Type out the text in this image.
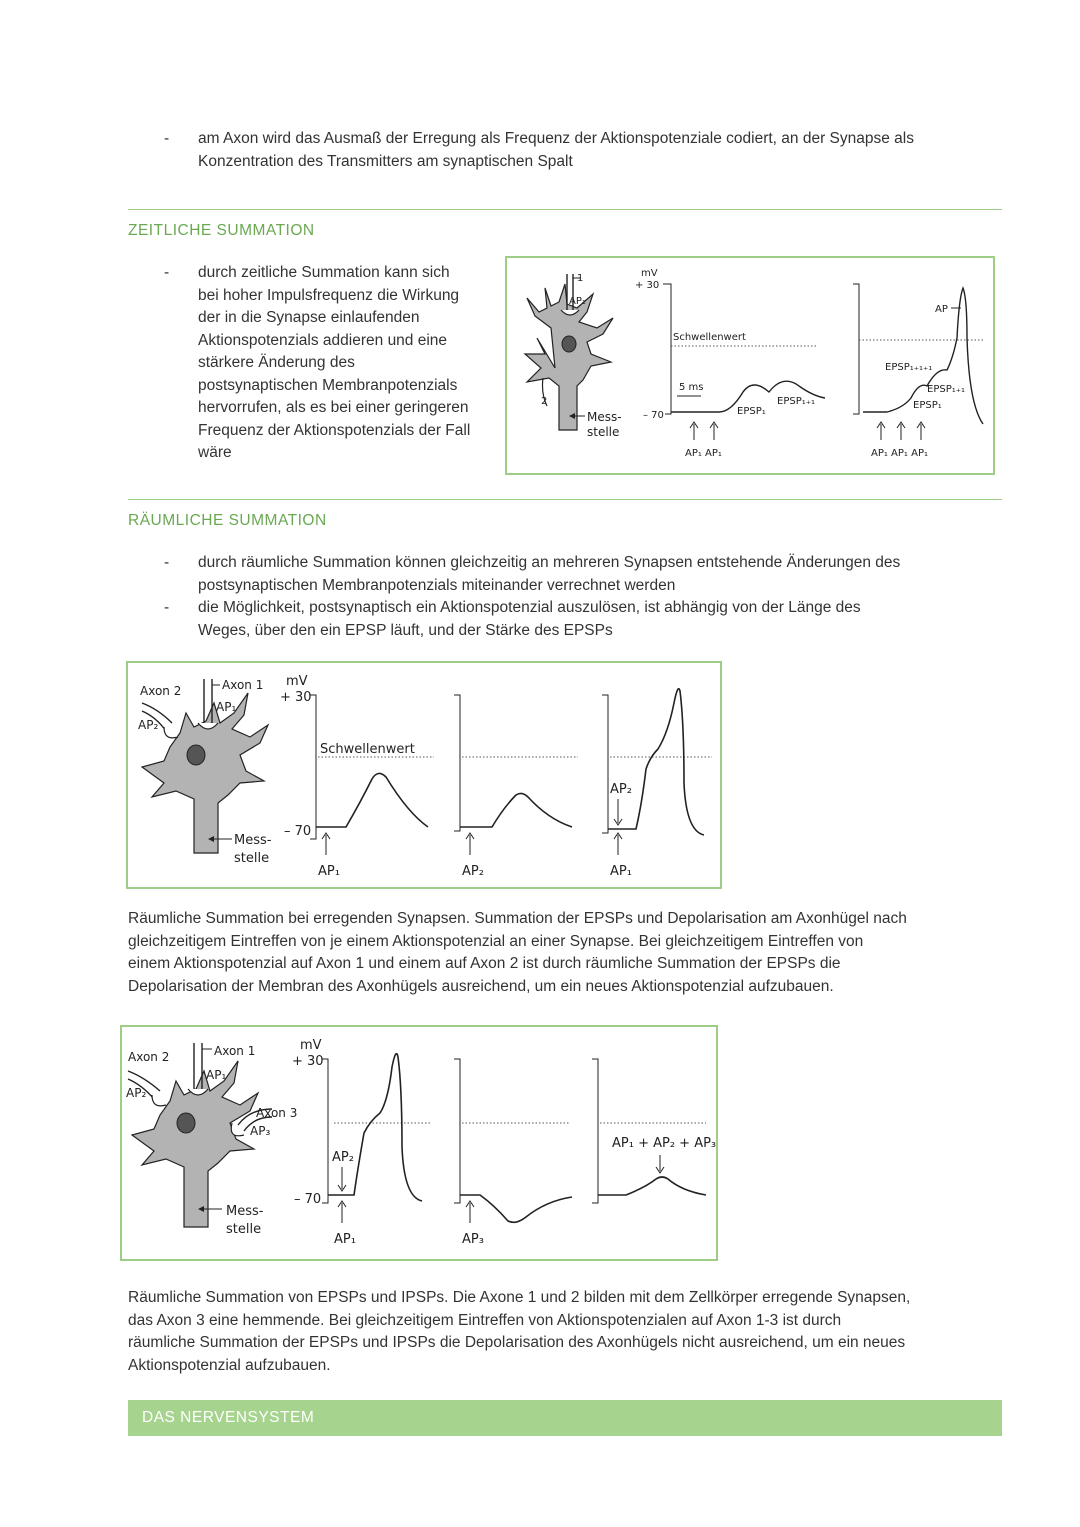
- am Axon wird das Ausmaß der Erregung als Frequenz der Aktionspotenziale codiert, an der Synapse als
Konzentration des Transmitters am synaptischen Spalt
ZEITLICHE SUMMATION
- durch zeitliche Summation kann sich
bei hoher Impulsfrequenz die Wirkung
der in die Synapse einlaufenden
Aktionspotenzials addieren und eine
stärkere Änderung des
postsynaptischen Membranpotenzials
hervorrufen, als es bei einer geringeren
Frequenz der Aktionspotenzials der Fall
wäre
1
AP₁
2
Mess-
stelle
mV
+ 30
Schwellenwert
– 70
5 ms
EPSP₁
EPSP₁₊₁
AP₁ AP₁
AP
EPSP₁₊₁₊₁
EPSP₁₊₁
EPSP₁
AP₁ AP₁ AP₁
RÄUMLICHE SUMMATION
- durch räumliche Summation können gleichzeitig an mehreren Synapsen entstehende Änderungen des
postsynaptischen Membranpotenzials miteinander verrechnet werden
- die Möglichkeit, postsynaptisch ein Aktionspotenzial auszulösen, ist abhängig von der Länge des
Weges, über den ein EPSP läuft, und der Stärke des EPSPs
Axon 1
Axon 2
AP₁
AP₂
Mess-
stelle
mV
+ 30
Schwellenwert
– 70
AP₁	AP₂
AP₂
AP₁
Räumliche Summation bei erregenden Synapsen. Summation der EPSPs und Depolarisation am Axonhügel nach
gleichzeitigem Eintreffen von je einem Aktionspotenzial an einer Synapse. Bei gleichzeitigem Eintreffen von
einem Aktionspotenzial auf Axon 1 und einem auf Axon 2 ist durch räumliche Summation der EPSPs die
Depolarisation der Membran des Axonhügels ausreichend, um ein neues Aktionspotenzial aufzubauen.
Axon 1
Axon 2
Axon 3
AP₁
AP₂
AP₃
Mess-
stelle
mV
+ 30
– 70
AP₂
AP₁	AP₃
AP₁ + AP₂ + AP₃
Räumliche Summation von EPSPs und IPSPs. Die Axone 1 und 2 bilden mit dem Zellkörper erregende Synapsen,
das Axon 3 eine hemmende. Bei gleichzeitigem Eintreffen von Aktionspotenzialen auf Axon 1-3 ist durch
räumliche Summation der EPSPs und IPSPs die Depolarisation des Axonhügels nicht ausreichend, um ein neues
Aktionspotenzial aufzubauen.
DAS NERVENSYSTEM
